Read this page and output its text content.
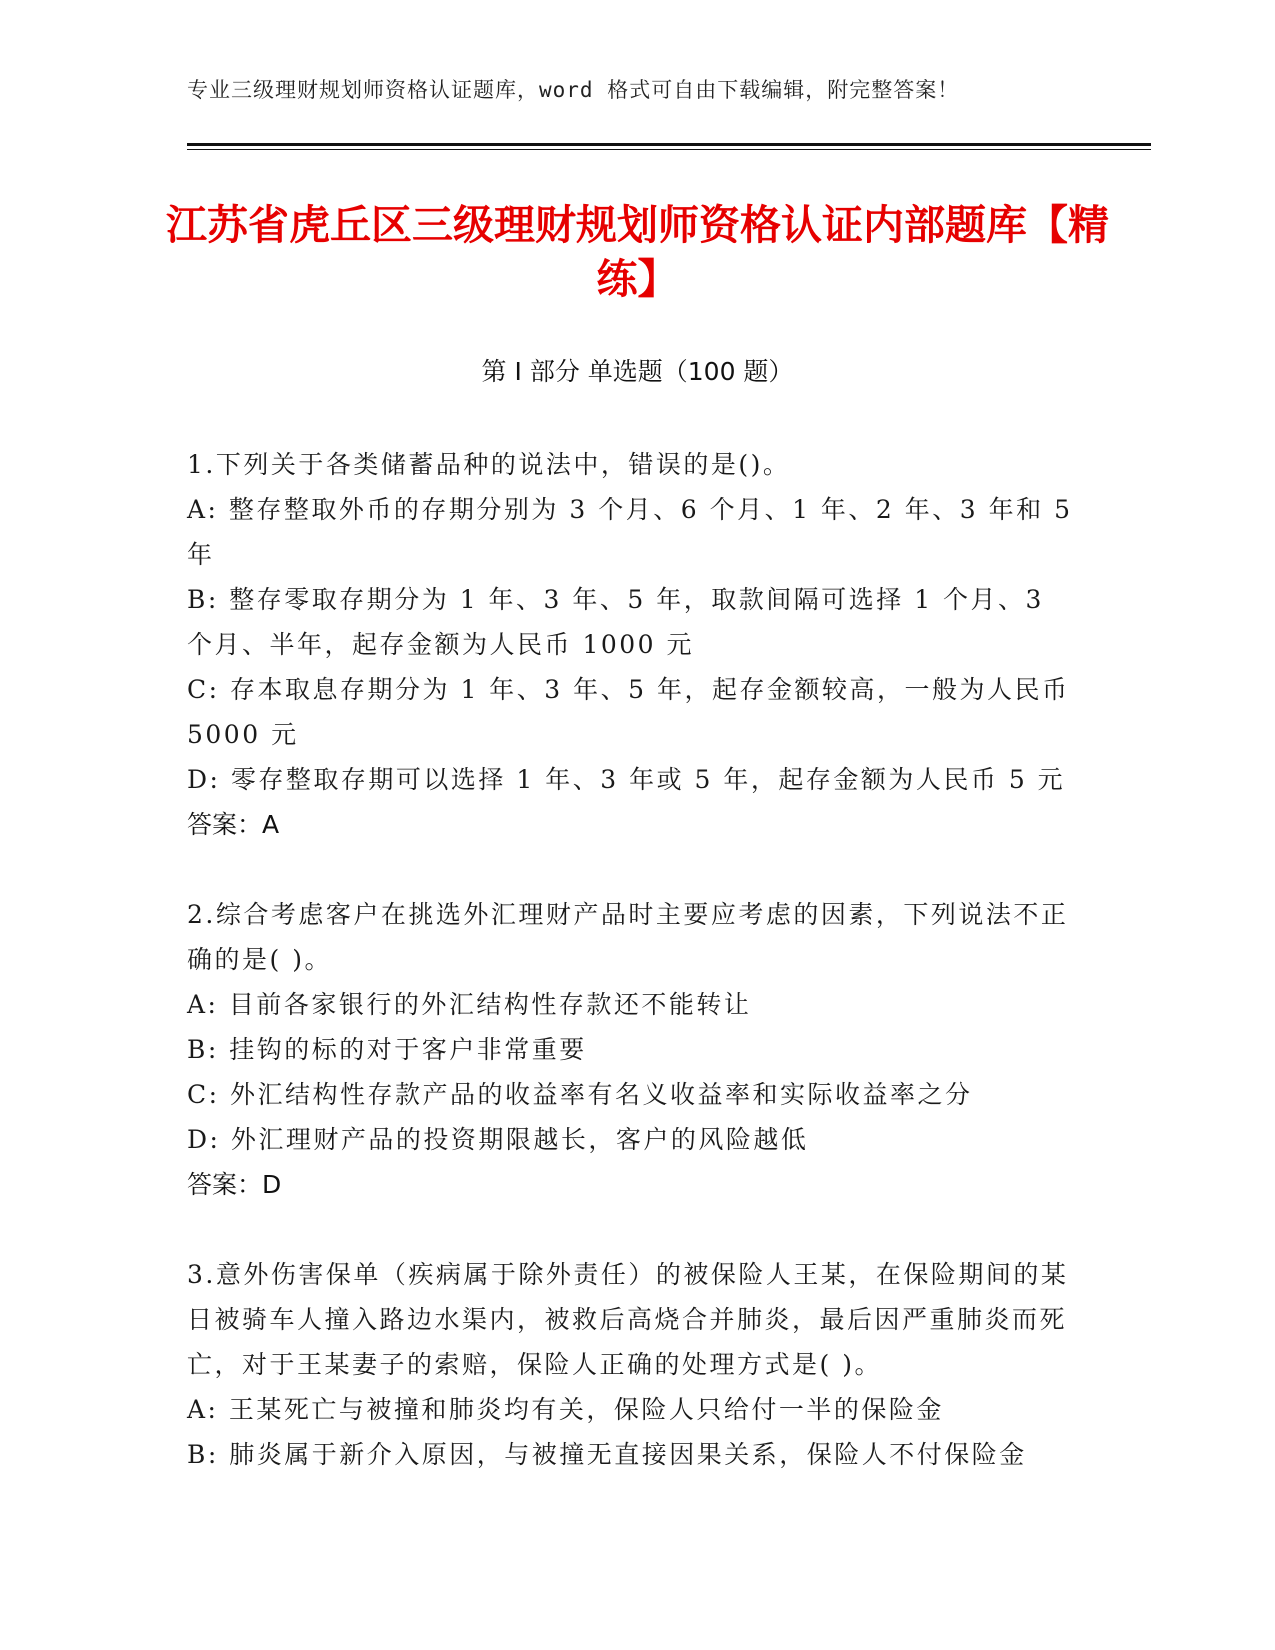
专业三级理财规划师资格认证题库，word 格式可自由下载编辑，附完整答案！
江苏省虎丘区三级理财规划师资格认证内部题库【精练】
第 I 部分 单选题（100 题）
1.下列关于各类储蓄品种的说法中，错误的是()。
A: 整存整取外币的存期分别为 3 个月、6 个月、1 年、2 年、3 年和 5 年
B: 整存零取存期分为 1 年、3 年、5 年，取款间隔可选择 1 个月、3 个月、半年，起存金额为人民币 1000 元
C: 存本取息存期分为 1 年、3 年、5 年，起存金额较高，一般为人民币 5000 元
D: 零存整取存期可以选择 1 年、3 年或 5 年，起存金额为人民币 5 元
答案：A
2.综合考虑客户在挑选外汇理财产品时主要应考虑的因素，下列说法不正确的是( )。
A: 目前各家银行的外汇结构性存款还不能转让
B: 挂钩的标的对于客户非常重要
C: 外汇结构性存款产品的收益率有名义收益率和实际收益率之分
D: 外汇理财产品的投资期限越长，客户的风险越低
答案：D
3.意外伤害保单（疾病属于除外责任）的被保险人王某，在保险期间的某日被骑车人撞入路边水渠内，被救后高烧合并肺炎，最后因严重肺炎而死亡，对于王某妻子的索赔，保险人正确的处理方式是( )。
A: 王某死亡与被撞和肺炎均有关，保险人只给付一半的保险金
B: 肺炎属于新介入原因，与被撞无直接因果关系，保险人不付保险金
